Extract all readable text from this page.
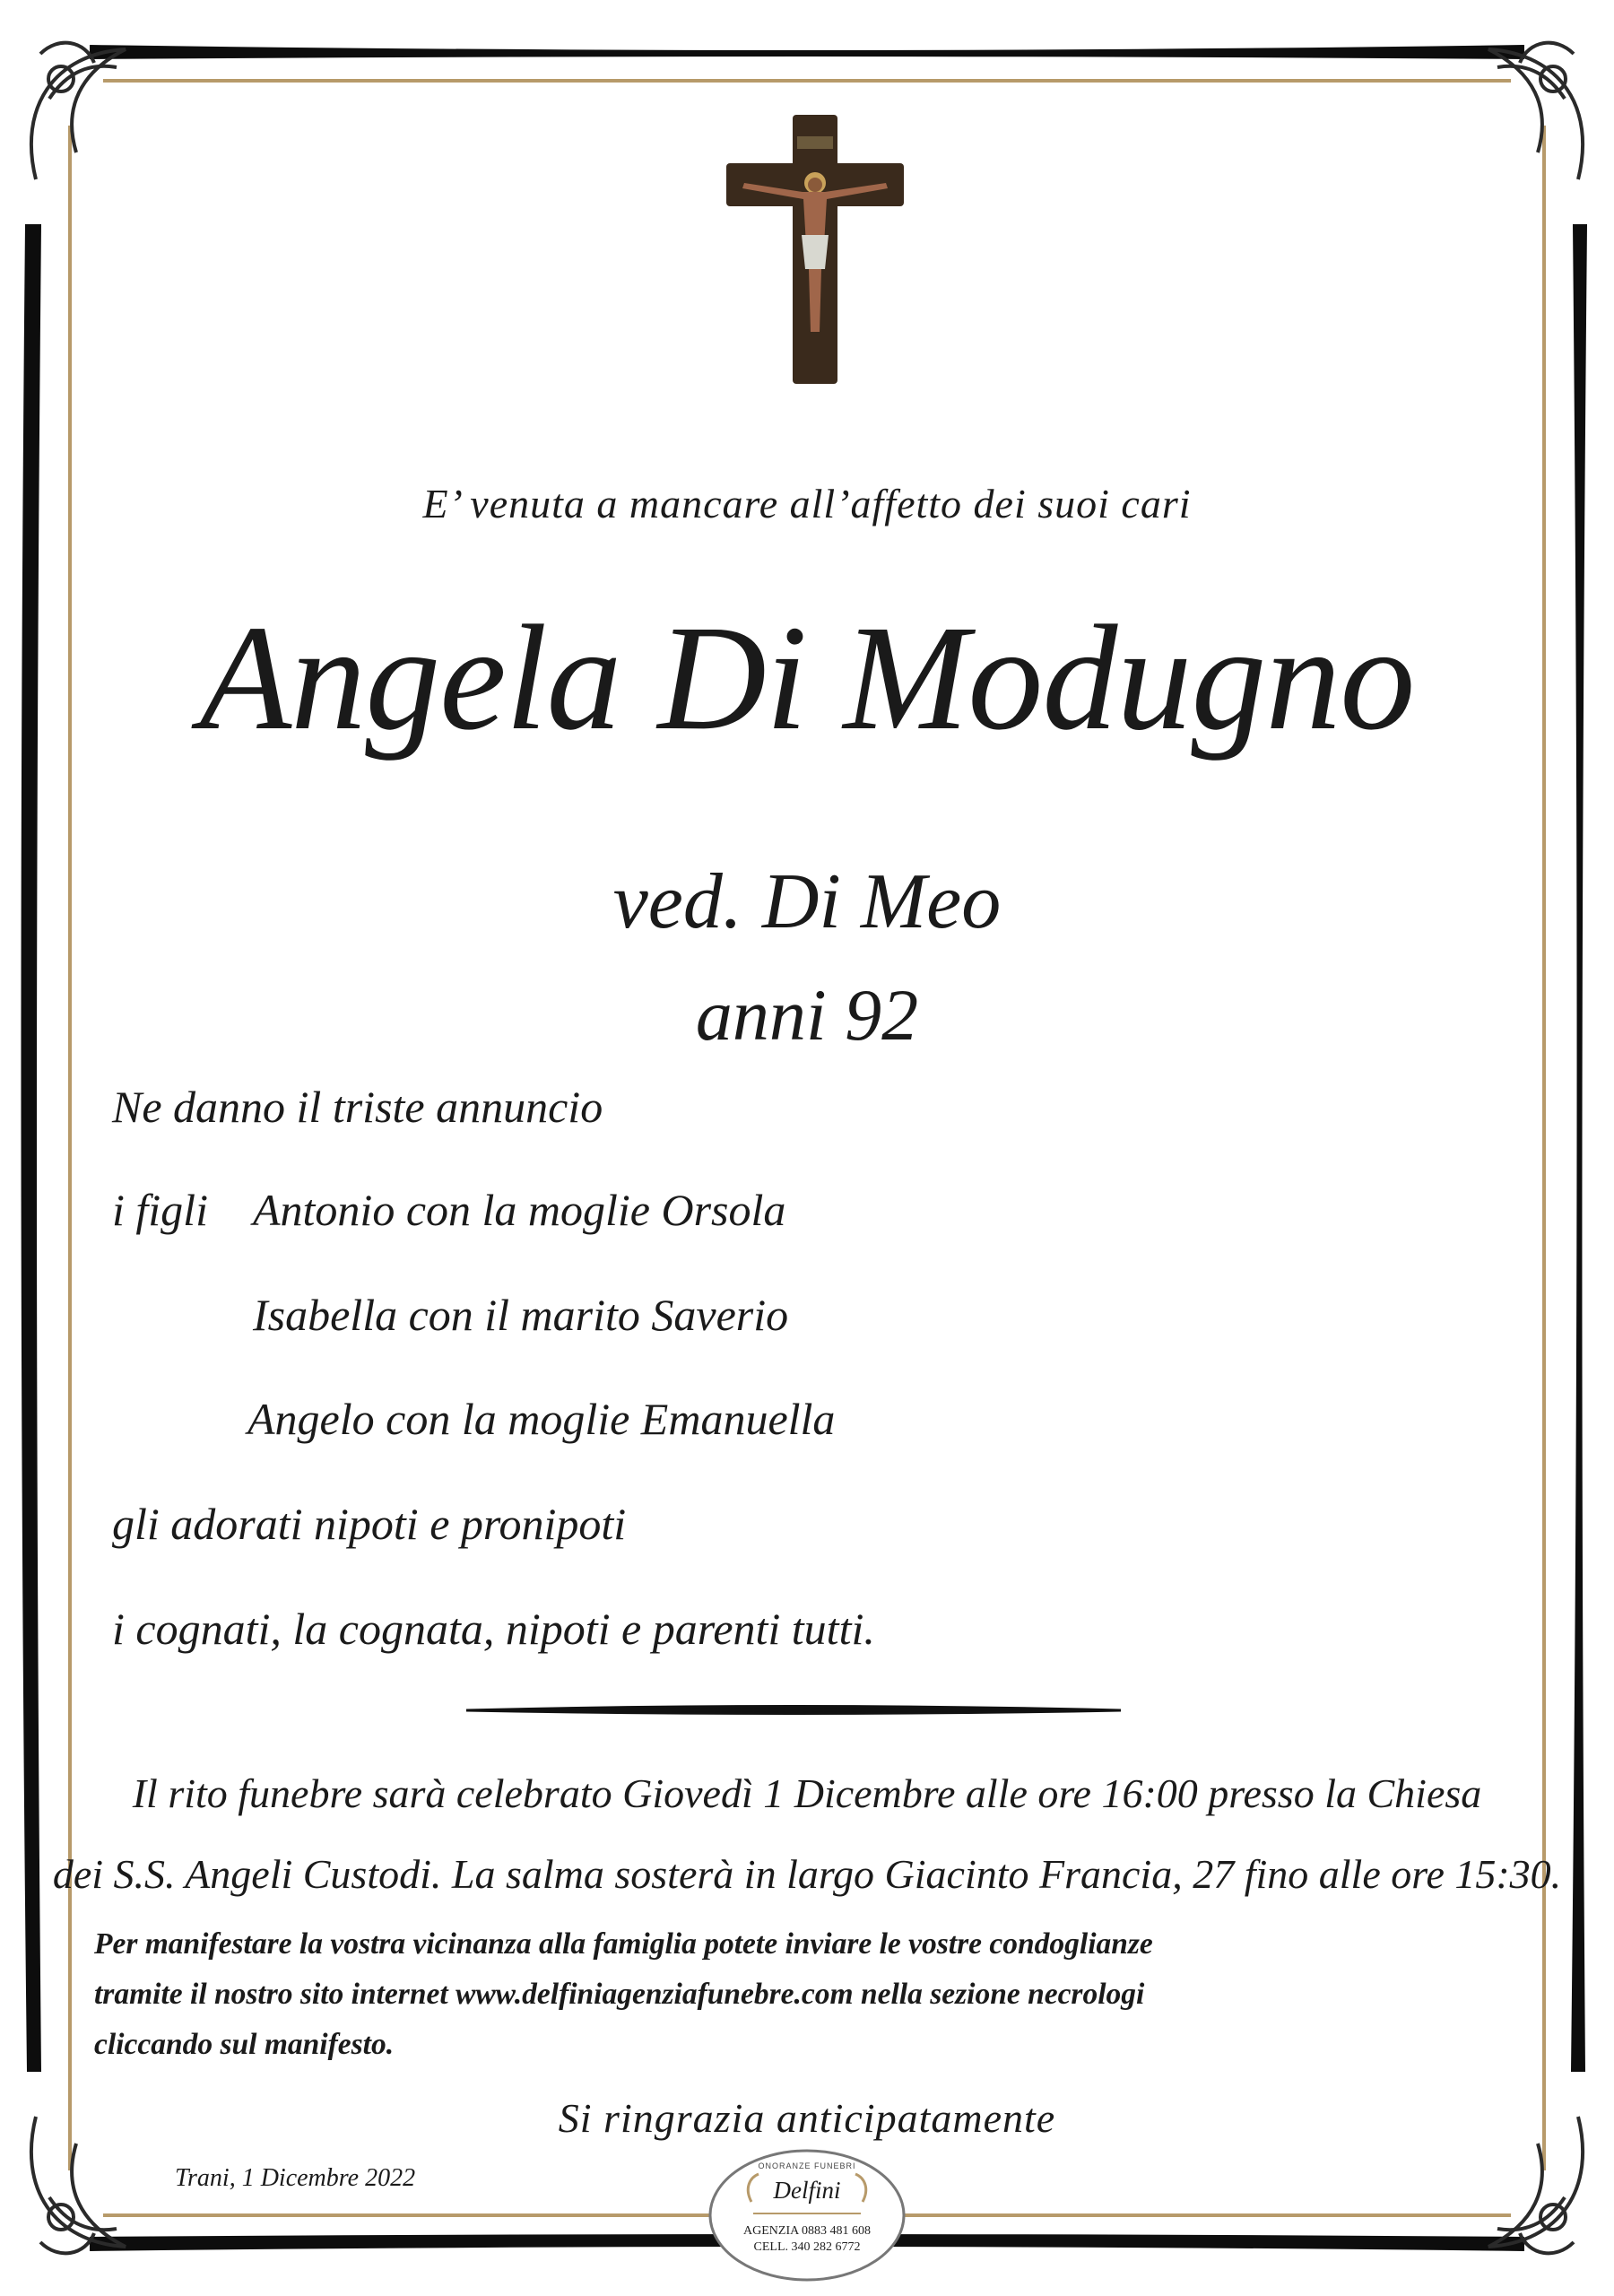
E’ venuta a mancare all’affetto dei suoi cari
Angela Di Modugno
ved. Di Meo
anni 92
Ne danno il triste annuncio
i figli Antonio con la moglie Orsola
Isabella con il marito Saverio
Angelo con la moglie Emanuella
gli adorati nipoti e pronipoti
i cognati, la cognata, nipoti e parenti tutti.
Il rito funebre sarà celebrato Giovedì 1 Dicembre alle ore 16:00 presso la Chiesa
dei S.S. Angeli Custodi. La salma sosterà in largo Giacinto Francia, 27 fino alle ore 15:30.
Per manifestare la vostra vicinanza alla famiglia potete inviare le vostre condoglianze
tramite il nostro sito internet www.delfiniagenziafunebre.com nella sezione necrologi
cliccando sul manifesto.
Si ringrazia anticipatamente
Trani, 1 Dicembre 2022	ONORANZE FUNEBRI
Delfini
AGENZIA 0883 481 608
CELL. 340 282 6772
